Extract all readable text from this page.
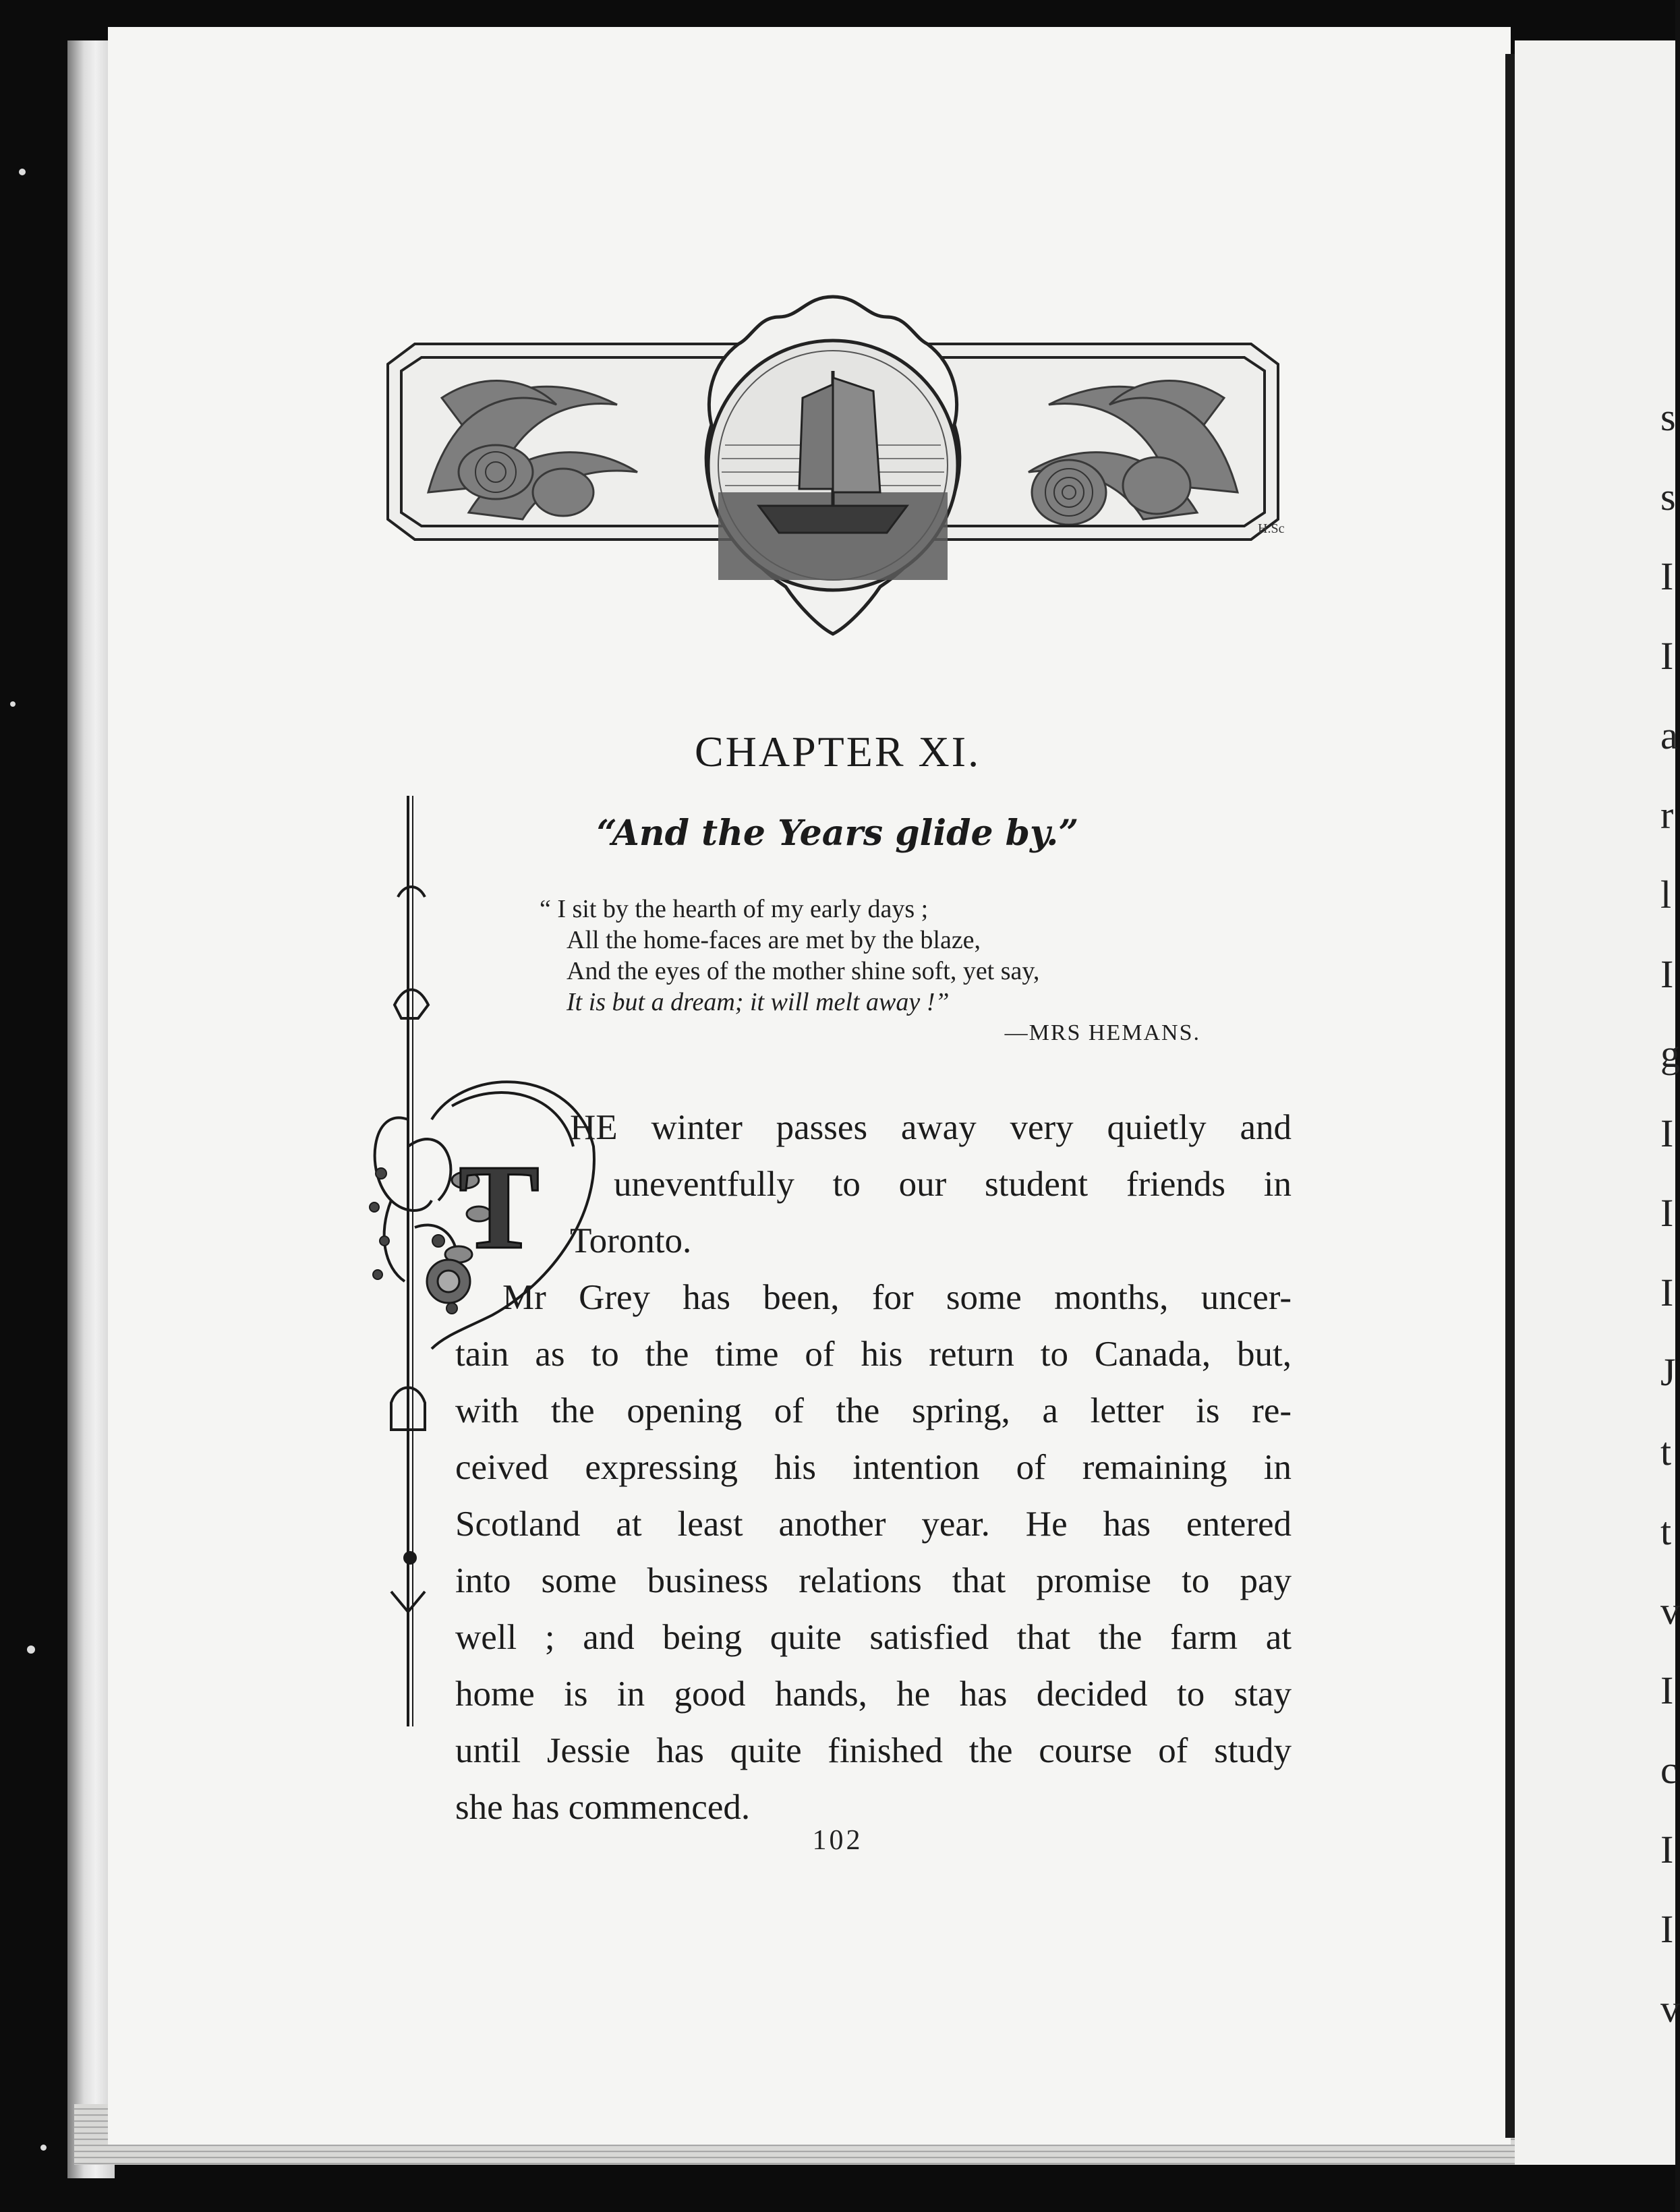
s
s
I
I
a
r
l
I
g
I
I
I
J
t
t
v
I
c
I
I
v
H.Sc
CHAPTER XI.
“And the Years glide by.”
“ I sit by the hearth of my early days ;
All the home-faces are met by the blaze,
And the eyes of the mother shine soft, yet say,
It is but a dream; it will melt away !”
—MRS HEMANS.
T
HE winter passes away very quietly and
uneventfully to our student friends in
Toronto.
Mr Grey has been, for some months, uncer-
tain as to the time of his return to Canada, but,
with the opening of the spring, a letter is re-
ceived expressing his intention of remaining in
Scotland at least another year. He has entered
into some business relations that promise to pay
well ; and being quite satisfied that the farm at
home is in good hands, he has decided to stay
until Jessie has quite finished the course of study
she has commenced.
102
